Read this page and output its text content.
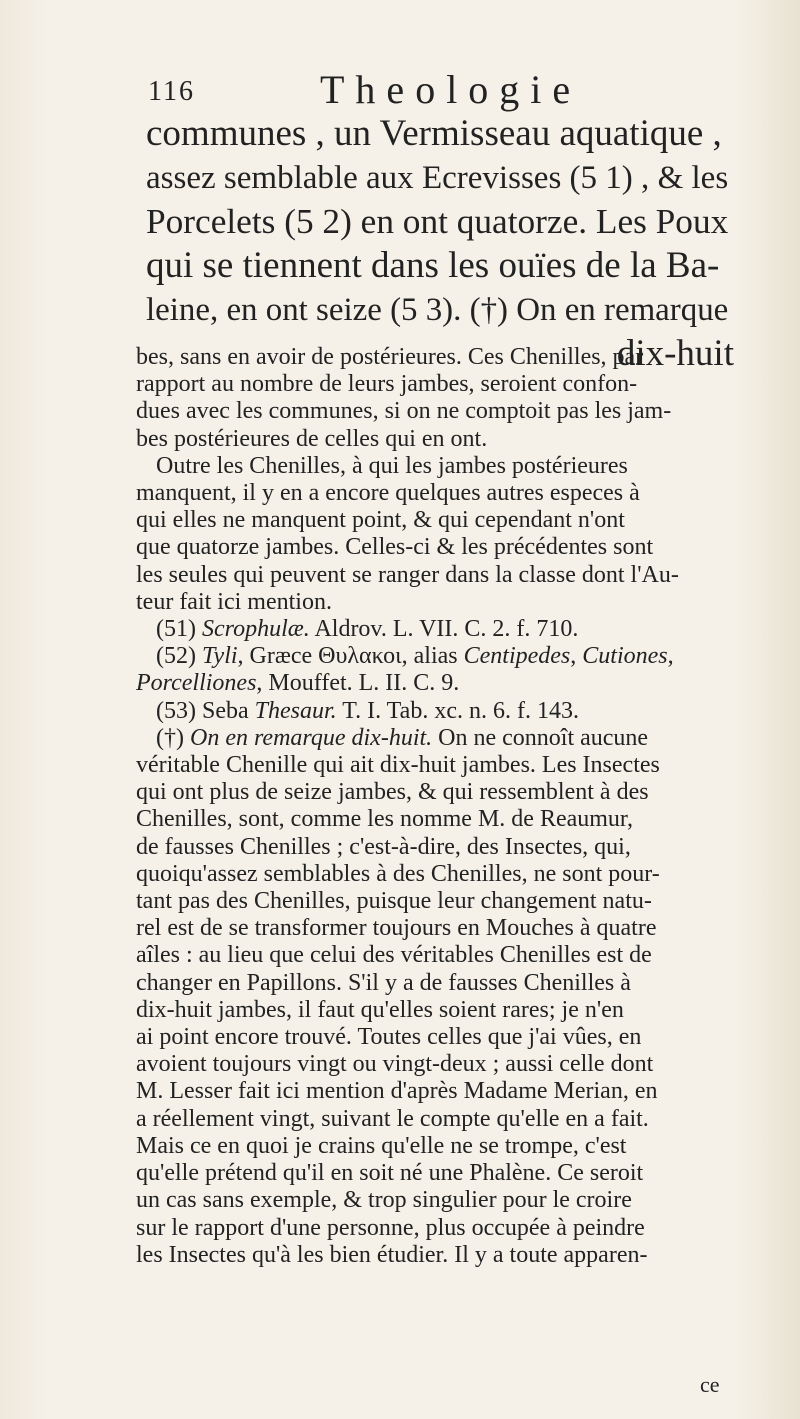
116	Theologie
communes , un Vermisseau aquatique ,
assez semblable aux Ecrevisses (5 1) , & les
Porcelets (5 2) en ont quatorze. Les Poux
qui se tiennent dans les ouïes de la Ba-
leine, en ont seize (5 3). (†) On en remarque
dix-huit
bes, sans en avoir de postérieures. Ces Chenilles, par
rapport au nombre de leurs jambes, seroient confon-
dues avec les communes, si on ne comptoit pas les jam-
bes postérieures de celles qui en ont.
Outre les Chenilles, à qui les jambes postérieures
manquent, il y en a encore quelques autres especes à
qui elles ne manquent point, & qui cependant n'ont
que quatorze jambes. Celles-ci & les précédentes sont
les seules qui peuvent se ranger dans la classe dont l'Au-
teur fait ici mention.
(51) Scrophulæ. Aldrov. L. VII. C. 2. f. 710.
(52) Tyli, Græce Θυλακοι, alias Centipedes, Cutiones,
Porcelliones, Mouffet. L. II. C. 9.
(53) Seba Thesaur. T. I. Tab. xc. n. 6. f. 143.
(†) On en remarque dix-huit. On ne connoît aucune
véritable Chenille qui ait dix-huit jambes. Les Insectes
qui ont plus de seize jambes, & qui ressemblent à des
Chenilles, sont, comme les nomme M. de Reaumur,
de fausses Chenilles ; c'est-à-dire, des Insectes, qui,
quoiqu'assez semblables à des Chenilles, ne sont pour-
tant pas des Chenilles, puisque leur changement natu-
rel est de se transformer toujours en Mouches à quatre
aîles : au lieu que celui des véritables Chenilles est de
changer en Papillons. S'il y a de fausses Chenilles à
dix-huit jambes, il faut qu'elles soient rares; je n'en
ai point encore trouvé. Toutes celles que j'ai vûes, en
avoient toujours vingt ou vingt-deux ; aussi celle dont
M. Lesser fait ici mention d'après Madame Merian, en
a réellement vingt, suivant le compte qu'elle en a fait.
Mais ce en quoi je crains qu'elle ne se trompe, c'est
qu'elle prétend qu'il en soit né une Phalène. Ce seroit
un cas sans exemple, & trop singulier pour le croire
sur le rapport d'une personne, plus occupée à peindre
les Insectes qu'à les bien étudier. Il y a toute apparen-
ce
